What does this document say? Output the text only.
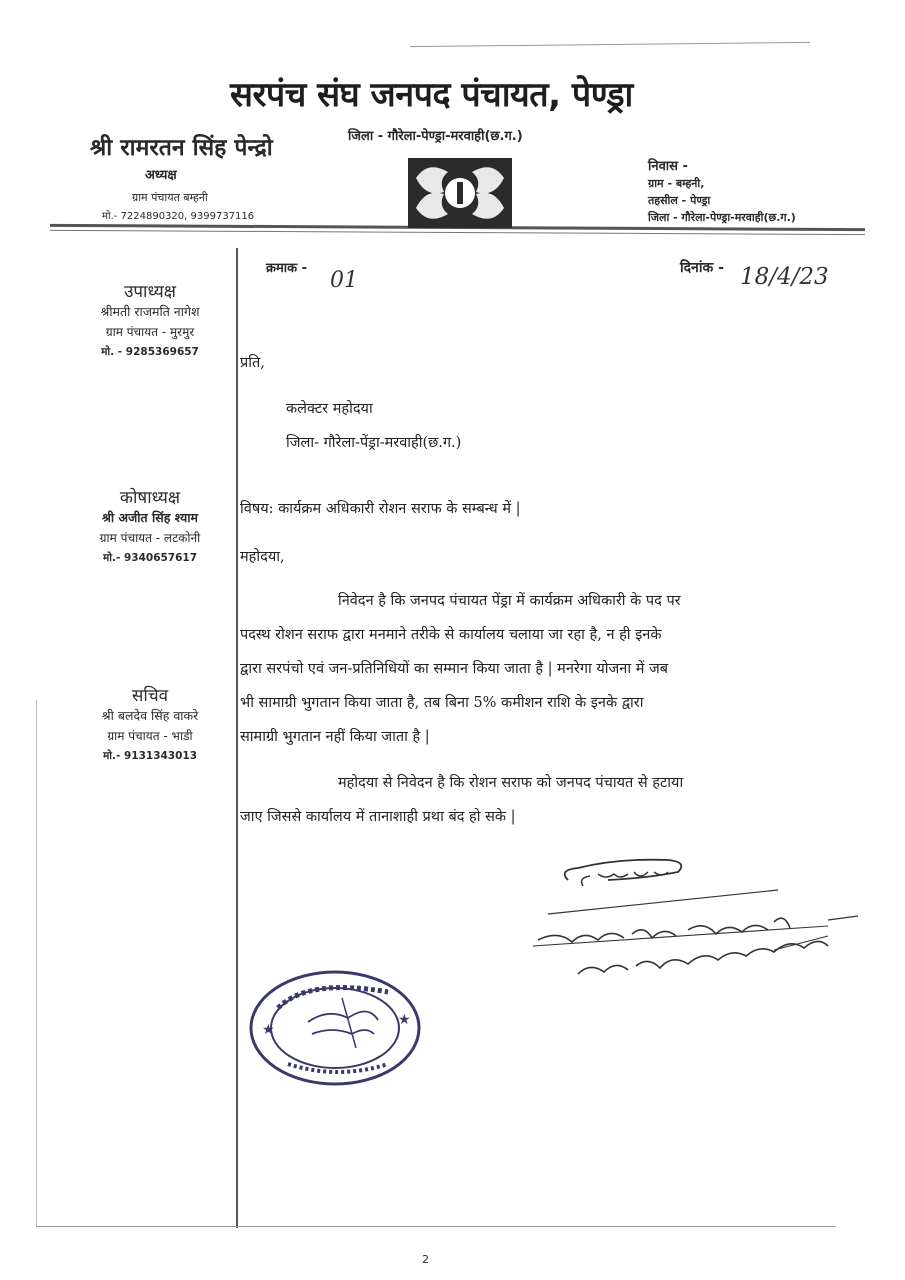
सरपंच संघ जनपद पंचायत, पेण्ड्रा
जिला - गौरेला-पेण्ड्रा-मरवाही(छ.ग.)
श्री रामरतन सिंह पेन्द्रो
अध्यक्ष
ग्राम पंचायत बम्हनी
मो.- 7224890320, 9399737116
निवास -
ग्राम - बम्हनी,
तहसील - पेण्ड्रा
जिला - गौरेला-पेण्ड्रा-मरवाही(छ.ग.)
उपाध्यक्ष
श्रीमती राजमति नागेश
ग्राम पंचायत - मुरमुर
मो. - 9285369657
कोषाध्यक्ष
श्री अजीत सिंह श्याम
ग्राम पंचायत - लटकोनी
मो.- 9340657617
सचिव
श्री बलदेव सिंह वाकरे
ग्राम पंचायत - भाडी
मो.- 9131343013
क्रमाक - 01	दिनांक - 18/4/23
प्रति,
कलेक्टर महोदया
जिला- गौरेला-पेंड्रा-मरवाही(छ.ग.)
विषय: कार्यक्रम अधिकारी रोशन सराफ के सम्बन्ध में |
महोदया,
निवेदन है कि जनपद पंचायत पेंड्रा में कार्यक्रम अधिकारी के पद पर
पदस्थ रोशन सराफ द्वारा मनमाने तरीके से कार्यालय चलाया जा रहा है, न ही इनके
द्वारा सरपंचो एवं जन-प्रतिनिधियों का सम्मान किया जाता है | मनरेगा योजना में जब
भी सामाग्री भुगतान किया जाता है, तब बिना 5% कमीशन राशि के इनके द्वारा
सामाग्री भुगतान नहीं किया जाता है |
महोदया से निवेदन है कि रोशन सराफ को जनपद पंचायत से हटाया
जाए जिससे कार्यालय में तानाशाही प्रथा बंद हो सके |
★
★
2
